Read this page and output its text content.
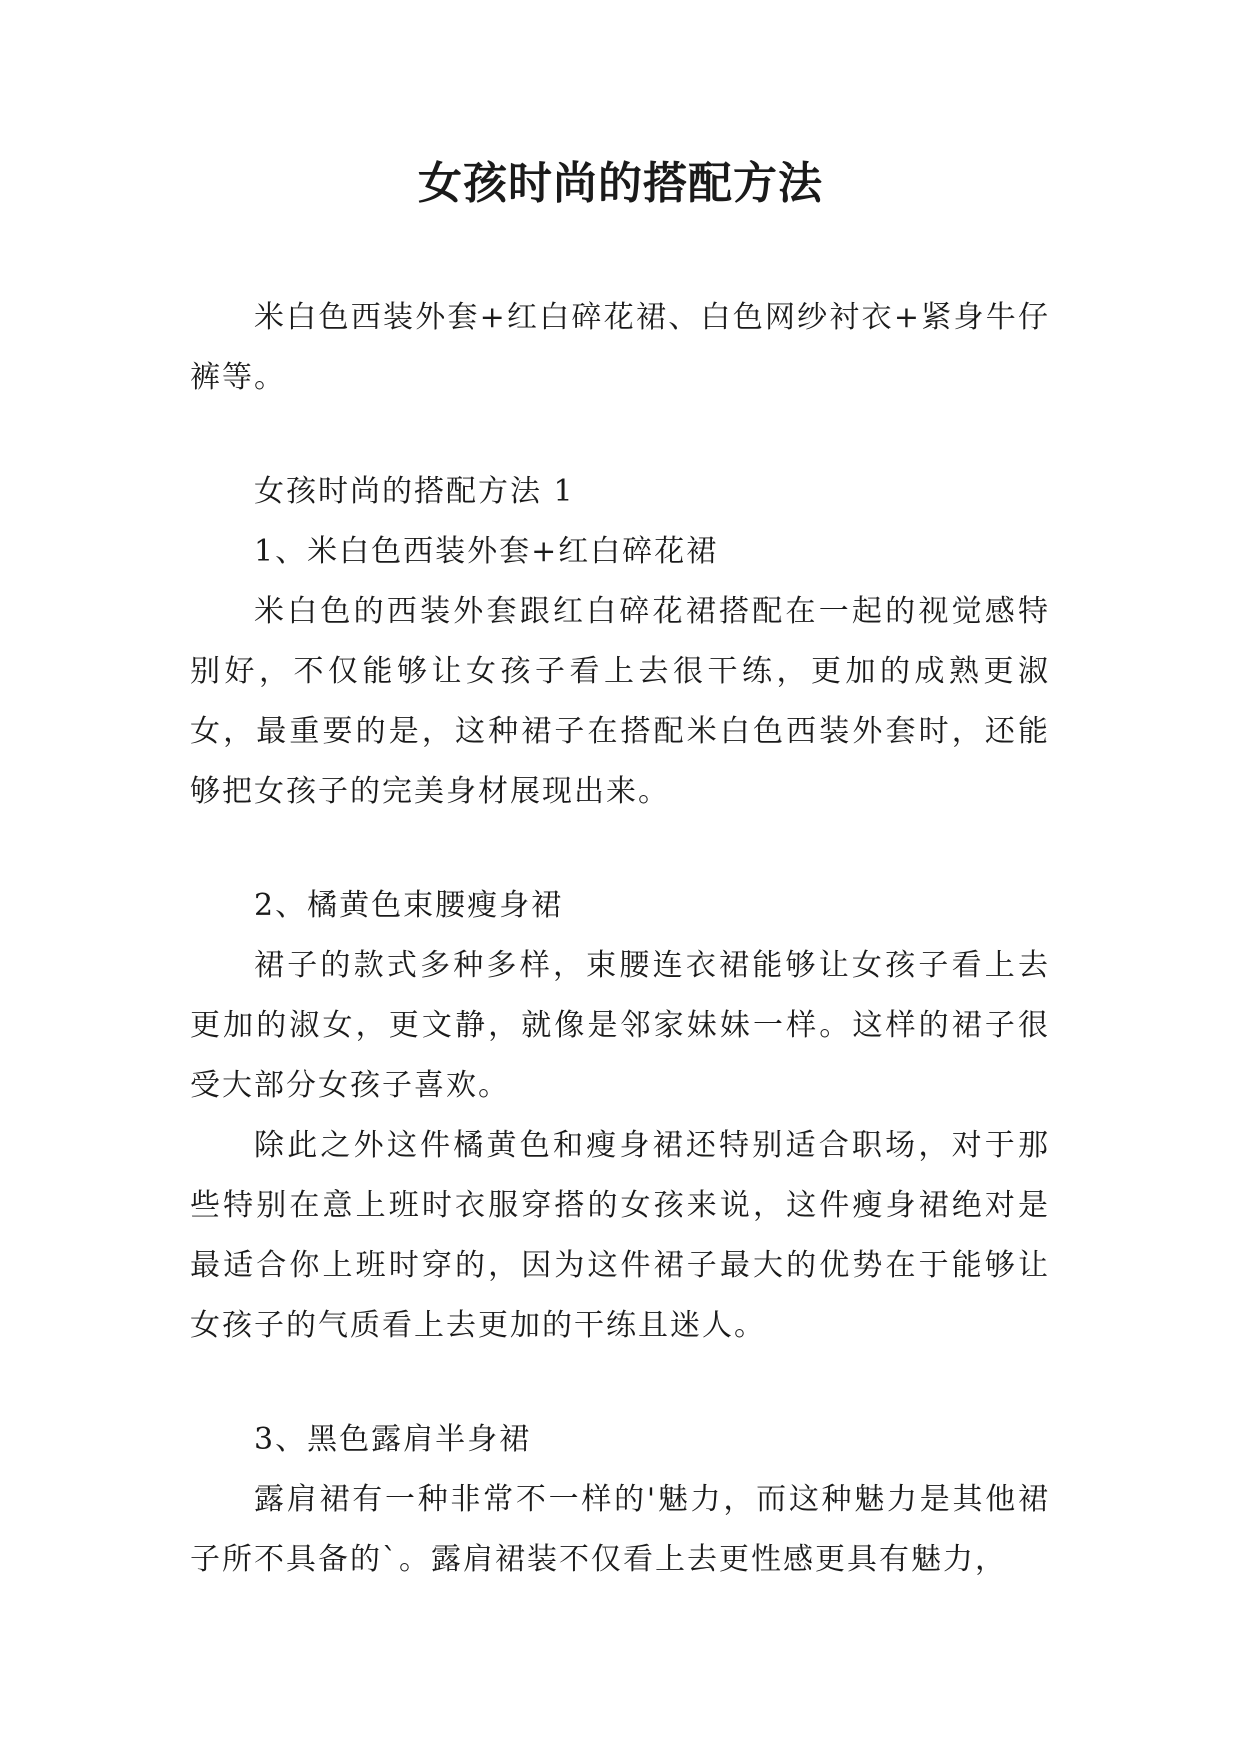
女孩时尚的搭配方法

米白色西装外套+红白碎花裙、白色网纱衬衣+紧身牛仔裤等。

女孩时尚的搭配方法 1

1、米白色西装外套+红白碎花裙

米白色的西装外套跟红白碎花裙搭配在一起的视觉感特别好，不仅能够让女孩子看上去很干练，更加的成熟更淑女，最重要的是，这种裙子在搭配米白色西装外套时，还能够把女孩子的完美身材展现出来。

2、橘黄色束腰瘦身裙

裙子的款式多种多样，束腰连衣裙能够让女孩子看上去更加的淑女，更文静，就像是邻家妹妹一样。这样的裙子很受大部分女孩子喜欢。

除此之外这件橘黄色和瘦身裙还特别适合职场，对于那些特别在意上班时衣服穿搭的女孩来说，这件瘦身裙绝对是最适合你上班时穿的，因为这件裙子最大的优势在于能够让女孩子的气质看上去更加的干练且迷人。

3、黑色露肩半身裙

露肩裙有一种非常不一样的'魅力，而这种魅力是其他裙子所不具备的`。露肩裙装不仅看上去更性感更具有魅力，
